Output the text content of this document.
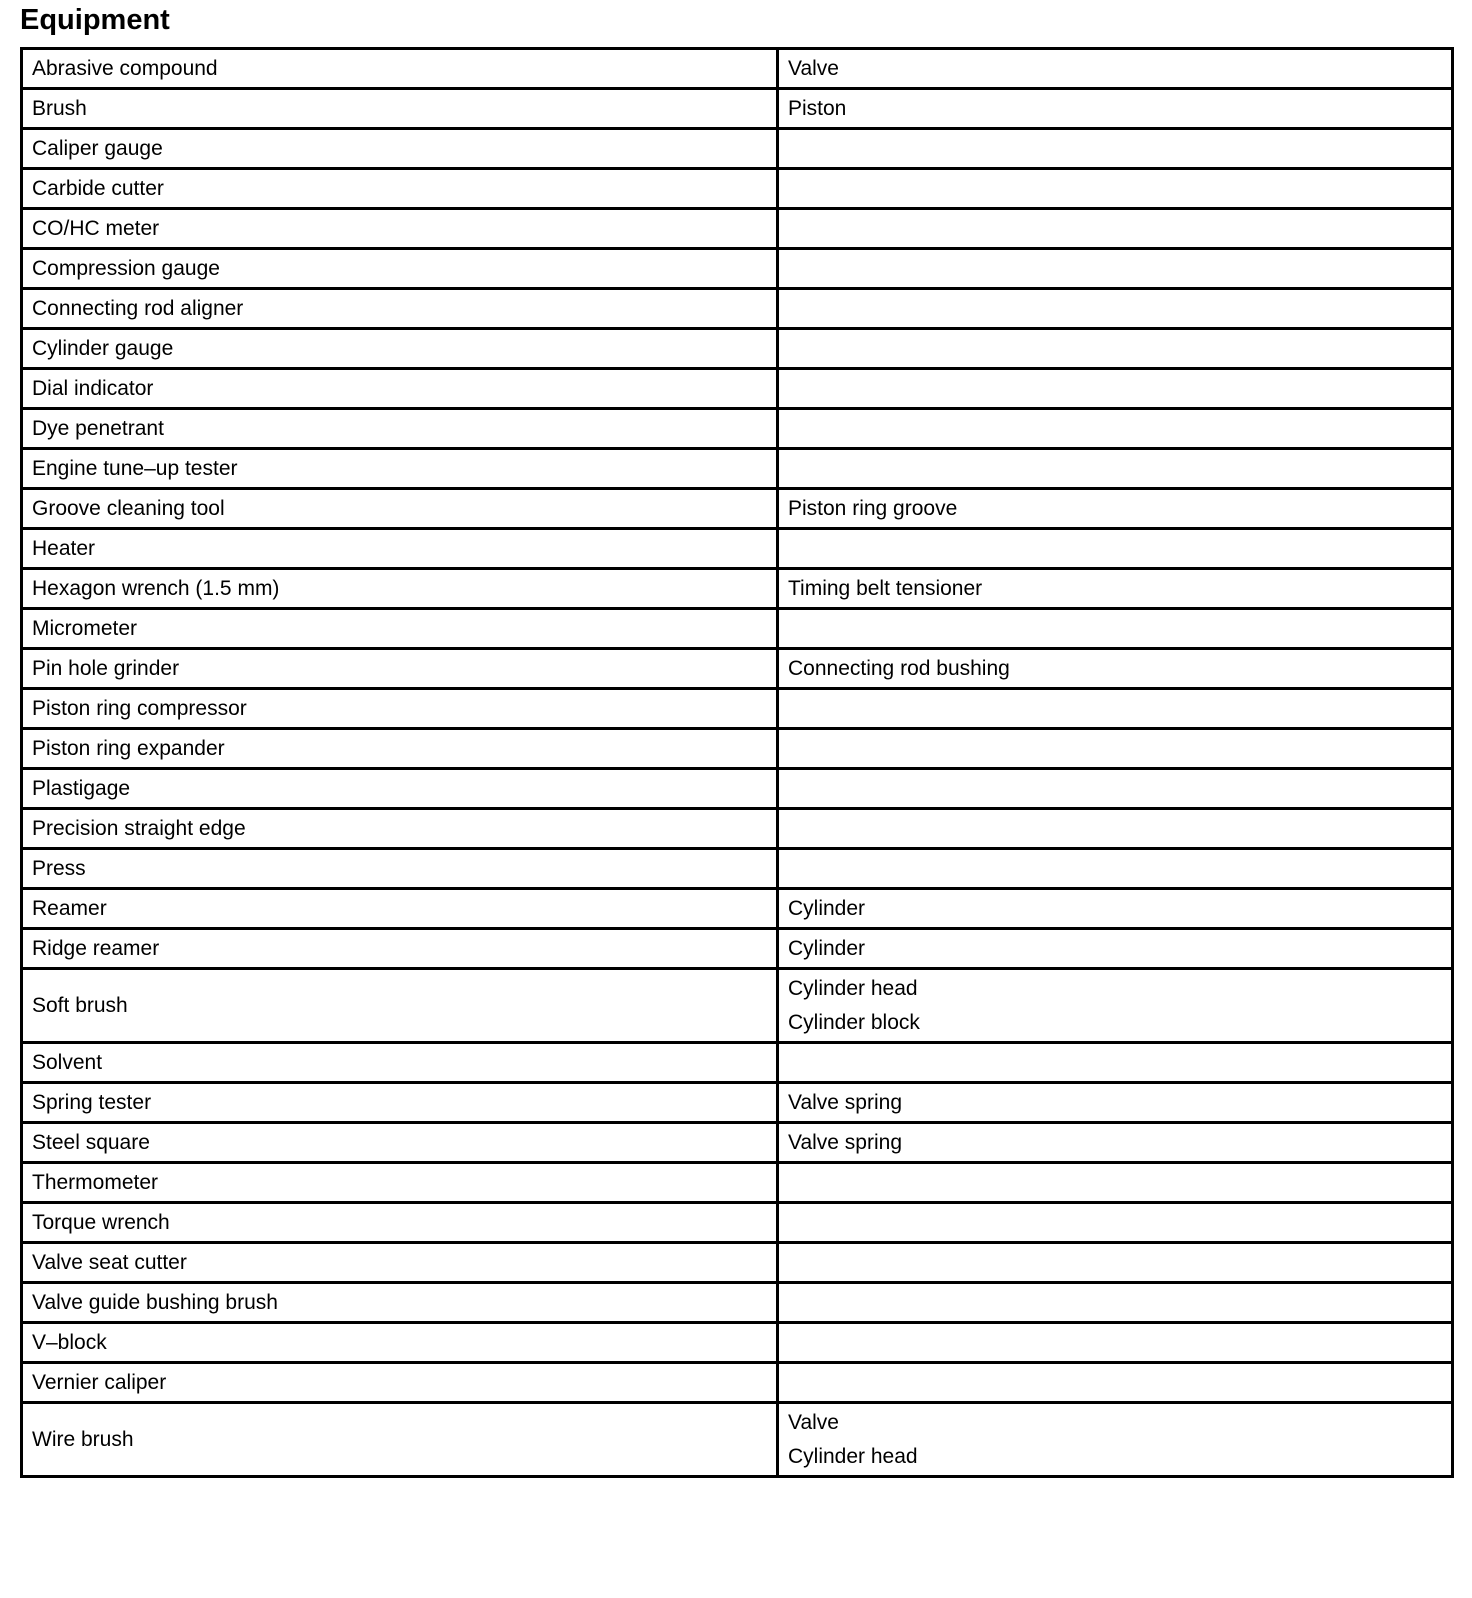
Equipment
Abrasive compound	Valve

Brush	Piston

Caliper gauge	
Carbide cutter	
CO/HC meter	
Compression gauge	
Connecting rod aligner	
Cylinder gauge	
Dial indicator	
Dye penetrant	
Engine tune–up tester	
Groove cleaning tool	Piston ring groove

Heater	
Hexagon wrench (1.5 mm)	Timing belt tensioner

Micrometer	
Pin hole grinder	Connecting rod bushing

Piston ring compressor	
Piston ring expander	
Plastigage	
Precision straight edge	
Press	
Reamer	Cylinder

Ridge reamer	Cylinder

Soft brush	Cylinder head
Cylinder block

Solvent	
Spring tester	Valve spring

Steel square	Valve spring

Thermometer	
Torque wrench	
Valve seat cutter	
Valve guide bushing brush	
V–block	
Vernier caliper	
Wire brush	Valve
Cylinder head
